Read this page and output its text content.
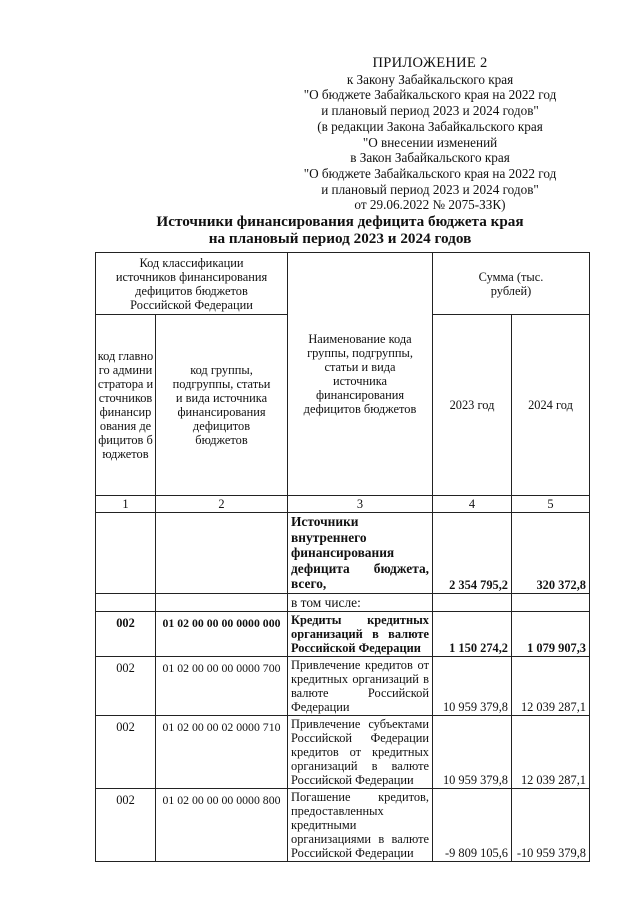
ПРИЛОЖЕНИЕ 2
к Закону Забайкальского края
"О бюджете Забайкальского края на 2022 год
и плановый период 2023 и 2024 годов"
(в редакции Закона Забайкальского края
"О внесении изменений
в Закон Забайкальского края
"О бюджете Забайкальского края на 2022 год
и плановый период 2023 и 2024 годов"
от 29.06.2022 № 2075-ЗЗК)
Источники финансирования дефицита бюджета края
на плановый период 2023 и 2024 годов
Код классификации источников финансирования дефицитов бюджетов Российской Федерации		Наименование кода группы, подгруппы, статьи и вида источника финансирования дефицитов бюджетов	Сумма (тыс. рублей)	
код главного администратора источников финансирования дефицитов бюджетов	код группы, подгруппы, статьи и вида источника финансирования дефицитов бюджетов		2023 год	2024 год
1	2	3	4	5
		Источники внутреннего финансирования дефицита бюджета, всего,	2 354 795,2	320 372,8
		в том числе:		
002	01 02 00 00 00 0000 000	Кредиты кредитных организаций в валюте Российской Федерации	1 150 274,2	1 079 907,3
002	01 02 00 00 00 0000 700	Привлечение кредитов от кредитных организаций в валюте Российской Федерации	10 959 379,8	12 039 287,1
002	01 02 00 00 02 0000 710	Привлечение субъектами Российской Федерации кредитов от кредитных организаций в валюте Российской Федерации	10 959 379,8	12 039 287,1
002	01 02 00 00 00 0000 800	Погашение кредитов, предоставленных кредитными организациями в валюте Российской Федерации	-9 809 105,6	-10 959 379,8
